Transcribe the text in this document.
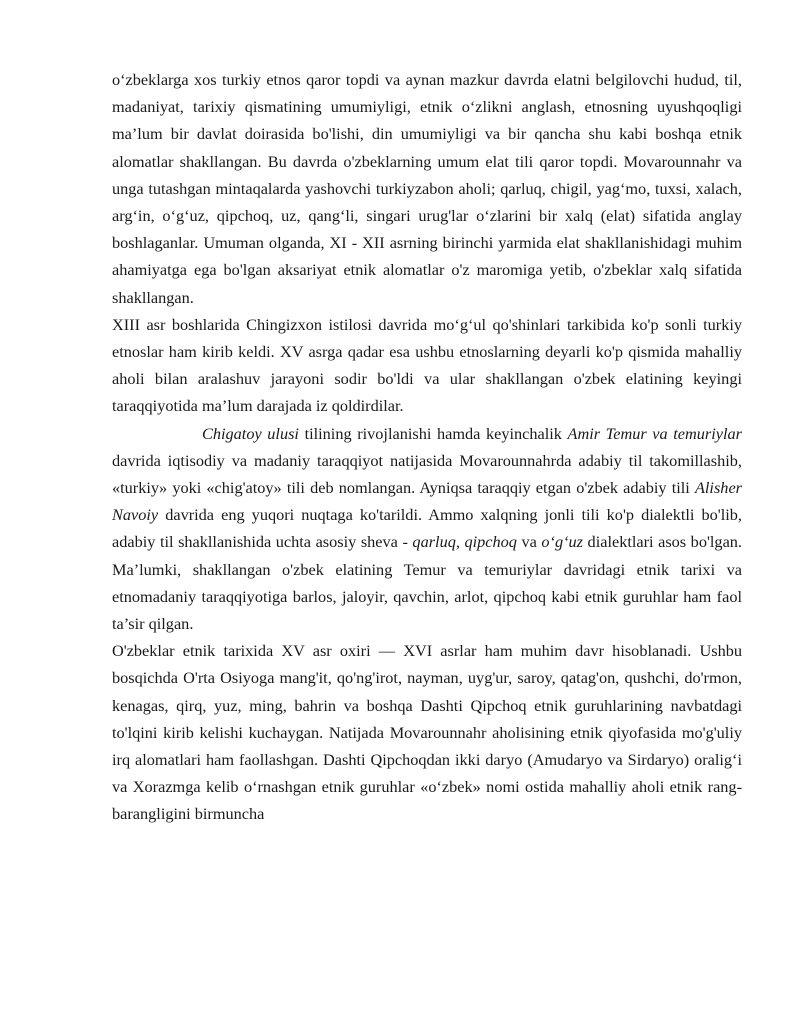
o‘zbeklarga xos turkiy etnos qaror topdi va aynan mazkur davrda elatni belgilovchi hudud, til, madaniyat, tarixiy qismatining umumiyligi, etnik o‘zlikni anglash, etnosning uyushqoqligi ma’lum bir davlat doirasida bo'lishi, din umumiyligi va bir qancha shu kabi boshqa etnik alomatlar shakllangan. Bu davrda o'zbeklarning umum elat tili qaror topdi. Movarounnahr va unga tutashgan mintaqalarda yashovchi turkiyzabon aholi; qarluq, chigil, yag‘mo, tuxsi, xalach, arg‘in, o‘g‘uz, qipchoq, uz, qang‘li, singari urug'lar o‘zlarini bir xalq (elat) sifatida anglay boshlaganlar. Umuman olganda, XI - XII asrning birinchi yarmida elat shakllanishidagi muhim ahamiyatga ega bo'lgan aksariyat etnik alomatlar o'z maromiga yetib, o'zbeklar xalq sifatida shakllangan.

XIII asr boshlarida Chingizxon istilosi davrida mo‘g‘ul qo'shinlari tarkibida ko'p sonli turkiy etnoslar ham kirib keldi. XV asrga qadar esa ushbu etnoslarning deyarli ko'p qismida mahalliy aholi bilan aralashuv jarayoni sodir bo'ldi va ular shakllangan o'zbek elatining keyingi taraqqiyotida ma’lum darajada iz qoldirdilar.

Chigatoy ulusi tilining rivojlanishi hamda keyinchalik Amir Temur va temuriylar davrida iqtisodiy va madaniy taraqqiyot natijasida Movarounnahrda adabiy til takomillashib, «turkiy» yoki «chig'atoy» tili deb nomlangan. Ayniqsa taraqqiy etgan o'zbek adabiy tili Alisher Navoiy davrida eng yuqori nuqtaga ko'tarildi. Ammo xalqning jonli tili ko'p dialektli bo'lib, adabiy til shakllanishida uchta asosiy sheva - qarluq, qipchoq va o‘g‘uz dialektlari asos bo'lgan. Ma’lumki, shakllangan o'zbek elatining Temur va temuriylar davridagi etnik tarixi va etnomadaniy taraqqiyotiga barlos, jaloyir, qavchin, arlot, qipchoq kabi etnik guruhlar ham faol ta’sir qilgan.

O'zbeklar etnik tarixida XV asr oxiri — XVI asrlar ham muhim davr hisoblanadi. Ushbu bosqichda O'rta Osiyoga mang'it, qo'ng'irot, nayman, uyg'ur, saroy, qatag'on, qushchi, do'rmon, kenagas, qirq, yuz, ming, bahrin va boshqa Dashti Qipchoq etnik guruhlarining navbatdagi to'lqini kirib kelishi kuchaygan. Natijada Movarounnahr aholisining etnik qiyofasida mo'g'uliy irq alomatlari ham faollashgan. Dashti Qipchoqdan ikki daryo (Amudaryo va Sirdaryo) oralig‘i va Xorazmga kelib o‘rnashgan etnik guruhlar «o‘zbek» nomi ostida mahalliy aholi etnik rang-barangligini birmuncha
